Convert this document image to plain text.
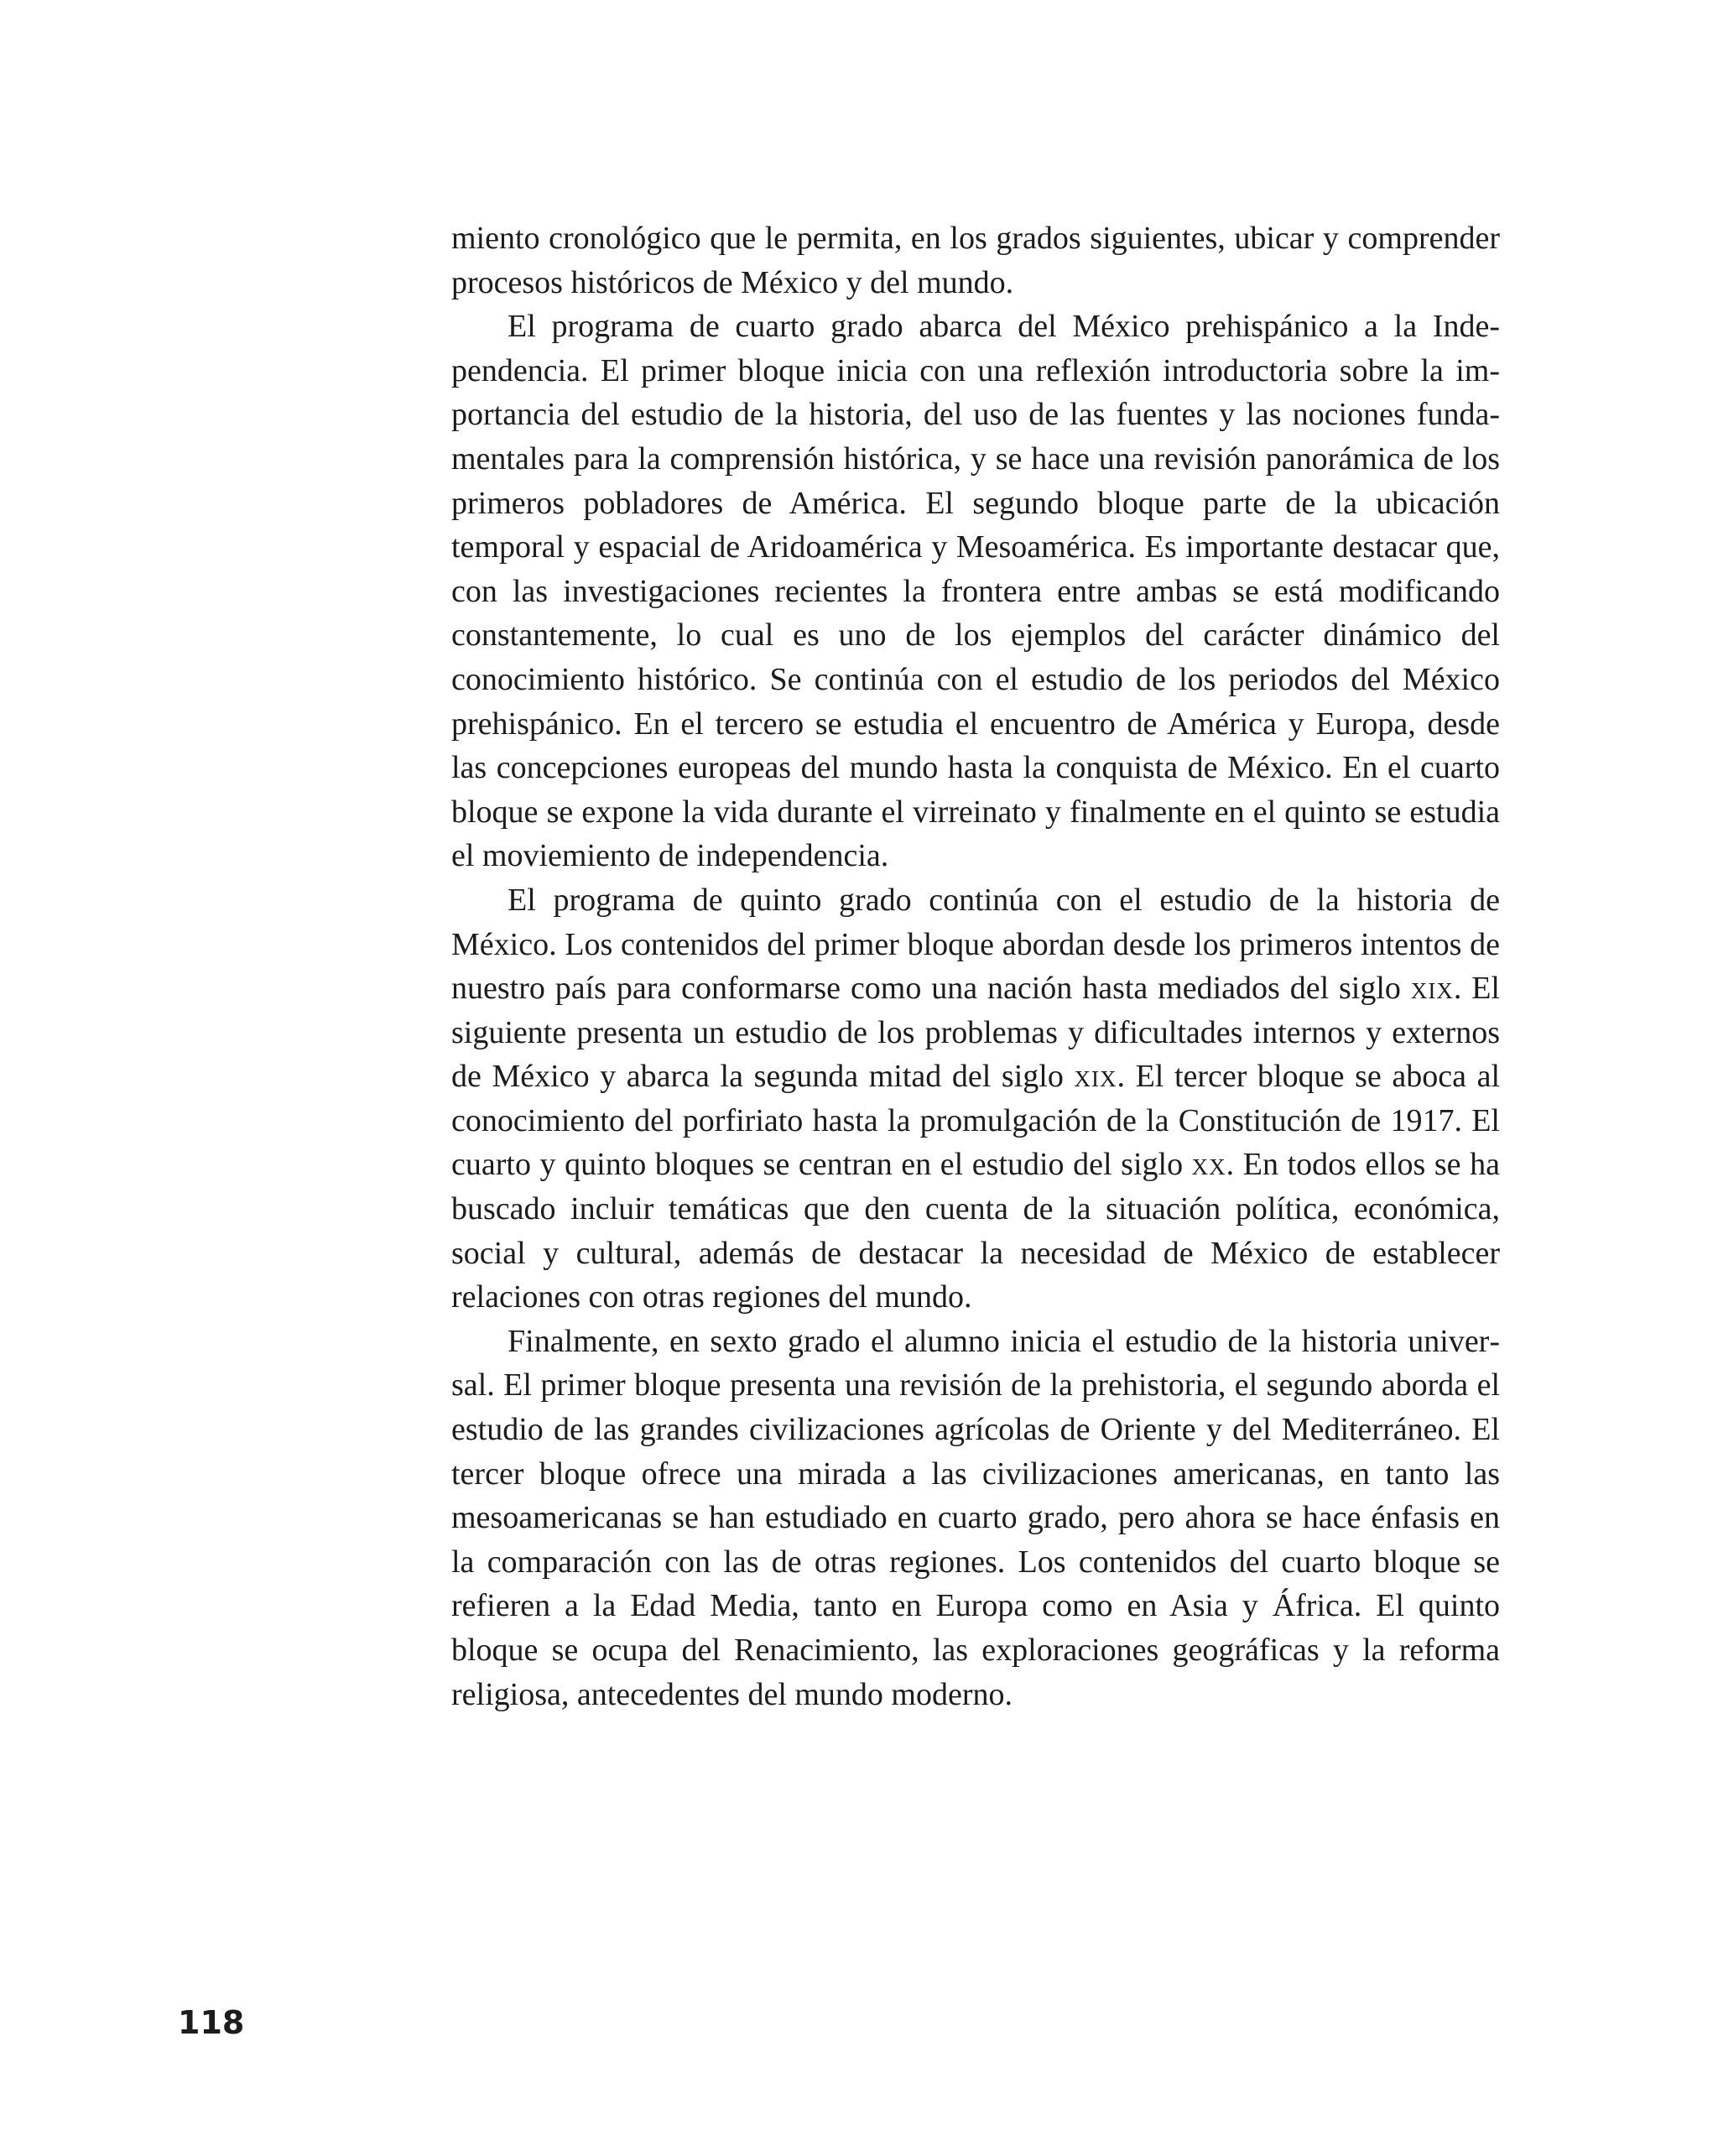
miento cronológico que le permita, en los grados siguientes, ubicar y comprender procesos históricos de México y del mundo.

El programa de cuarto grado abarca del México prehispánico a la Independencia. El primer bloque inicia con una reflexión introductoria sobre la importancia del estudio de la historia, del uso de las fuentes y las nociones fundamentales para la comprensión histórica, y se hace una revisión panorámica de los primeros pobladores de América. El segundo bloque parte de la ubicación temporal y espacial de Aridoamérica y Mesoamérica. Es importante destacar que, con las investigaciones recientes la frontera entre ambas se está modificando constantemente, lo cual es uno de los ejemplos del carácter dinámico del conocimiento histórico. Se continúa con el estudio de los periodos del México prehispánico. En el tercero se estudia el encuentro de América y Europa, desde las concepciones europeas del mundo hasta la conquista de México. En el cuarto bloque se expone la vida durante el virreinato y finalmente en el quinto se estudia el moviemiento de independencia.

El programa de quinto grado continúa con el estudio de la historia de México. Los contenidos del primer bloque abordan desde los primeros intentos de nuestro país para conformarse como una nación hasta mediados del siglo xix. El siguiente presenta un estudio de los problemas y dificultades internos y externos de México y abarca la segunda mitad del siglo xix. El tercer bloque se aboca al conocimiento del porfiriato hasta la promulgación de la Constitución de 1917. El cuarto y quinto bloques se centran en el estudio del siglo xx. En todos ellos se ha buscado incluir temáticas que den cuenta de la situación política, económica, social y cultural, además de destacar la necesidad de México de establecer relaciones con otras regiones del mundo.

Finalmente, en sexto grado el alumno inicia el estudio de la historia universal. El primer bloque presenta una revisión de la prehistoria, el segundo aborda el estudio de las grandes civilizaciones agrícolas de Oriente y del Mediterráneo. El tercer bloque ofrece una mirada a las civilizaciones americanas, en tanto las mesoamericanas se han estudiado en cuarto grado, pero ahora se hace énfasis en la comparación con las de otras regiones. Los contenidos del cuarto bloque se refieren a la Edad Media, tanto en Europa como en Asia y África. El quinto bloque se ocupa del Renacimiento, las exploraciones geográficas y la reforma religiosa, antecedentes del mundo moderno.

118
